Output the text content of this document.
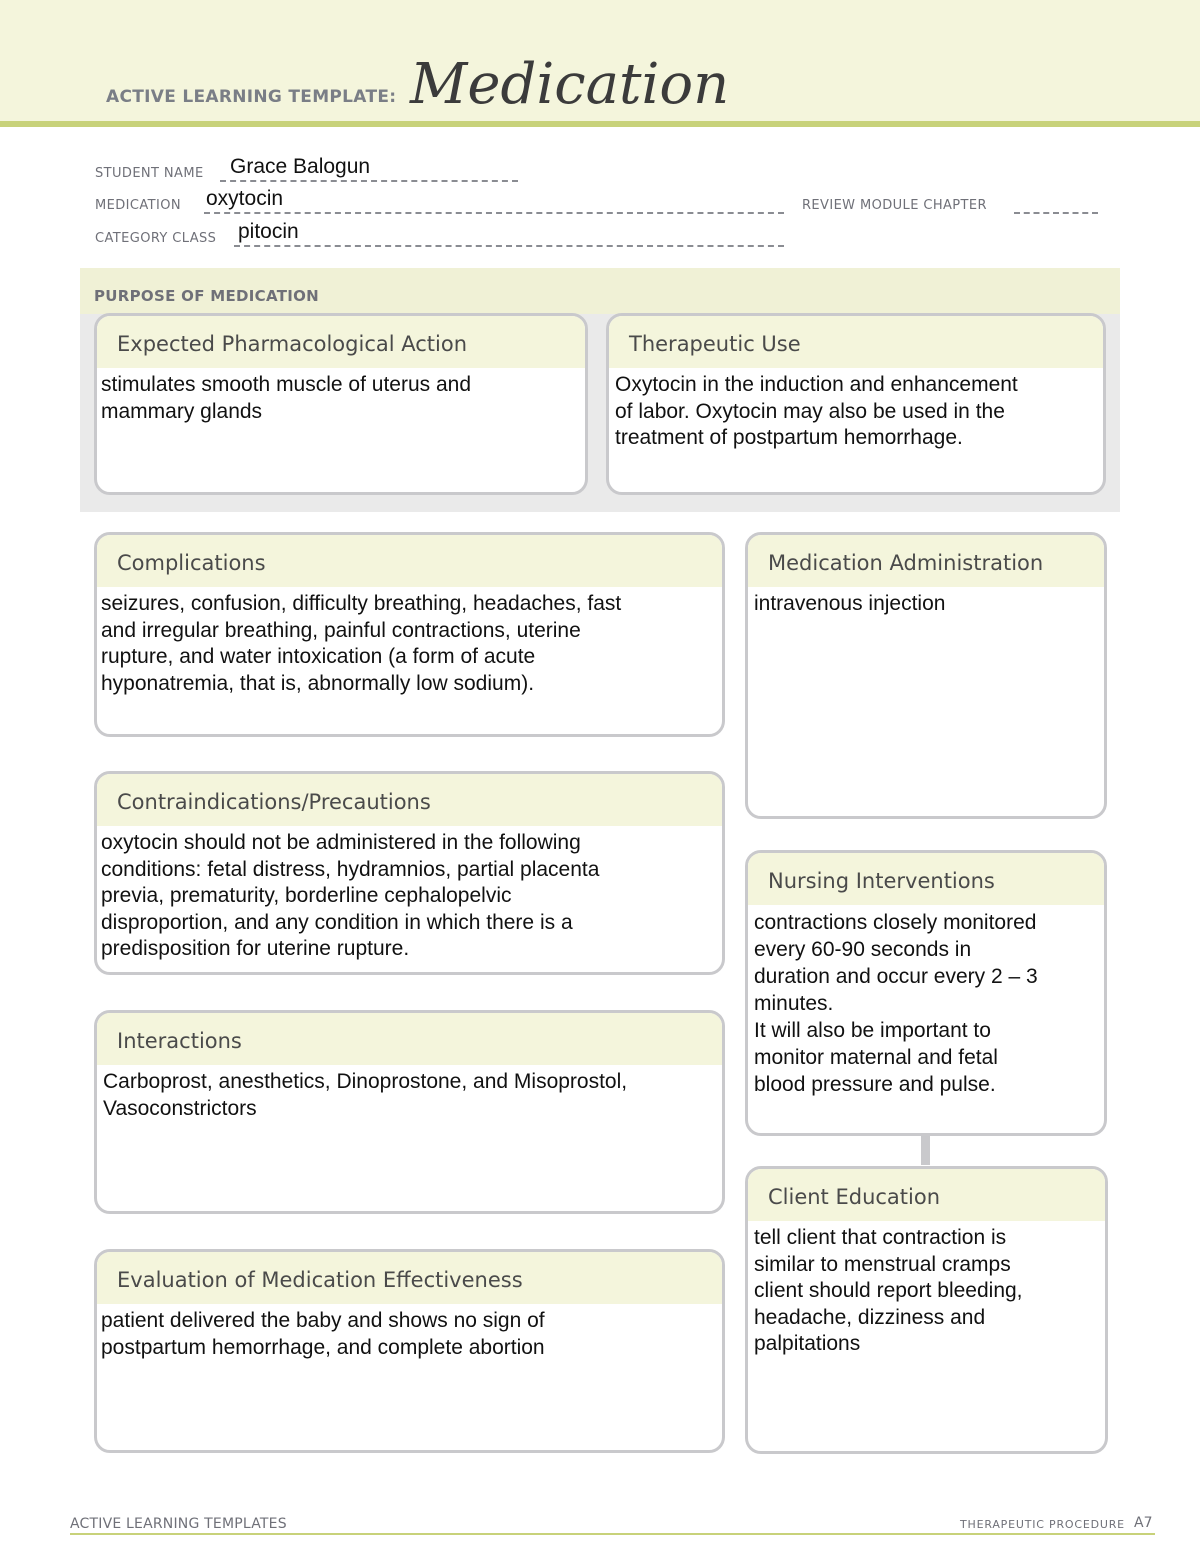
ACTIVE LEARNING TEMPLATE: Medication
STUDENT NAME Grace Balogun
MEDICATION oxytocin	REVIEW MODULE CHAPTER
CATEGORY CLASS pitocin
PURPOSE OF MEDICATION
Expected Pharmacological Action
stimulates smooth muscle of uterus and
mammary glands
Therapeutic Use
Oxytocin in the induction and enhancement
of labor. Oxytocin may also be used in the
treatment of postpartum hemorrhage.
Complications
seizures, confusion, difficulty breathing, headaches, fast
and irregular breathing, painful contractions, uterine
rupture, and water intoxication (a form of acute
hyponatremia, that is, abnormally low sodium).
Contraindications/Precautions
oxytocin should not be administered in the following
conditions: fetal distress, hydramnios, partial placenta
previa, prematurity, borderline cephalopelvic
disproportion, and any condition in which there is a
predisposition for uterine rupture.
Interactions
Carboprost, anesthetics, Dinoprostone, and Misoprostol,
Vasoconstrictors
Evaluation of Medication Effectiveness
patient delivered the baby and shows no sign of
postpartum hemorrhage, and complete abortion
Medication Administration
intravenous injection
Nursing Interventions
contractions closely monitored
every 60-90 seconds in
duration and occur every 2 – 3
minutes.
It will also be important to
monitor maternal and fetal
blood pressure and pulse.
Client Education
tell client that contraction is
similar to menstrual cramps
client should report bleeding,
headache, dizziness and
palpitations
ACTIVE LEARNING TEMPLATES	THERAPEUTIC PROCEDURE A7
